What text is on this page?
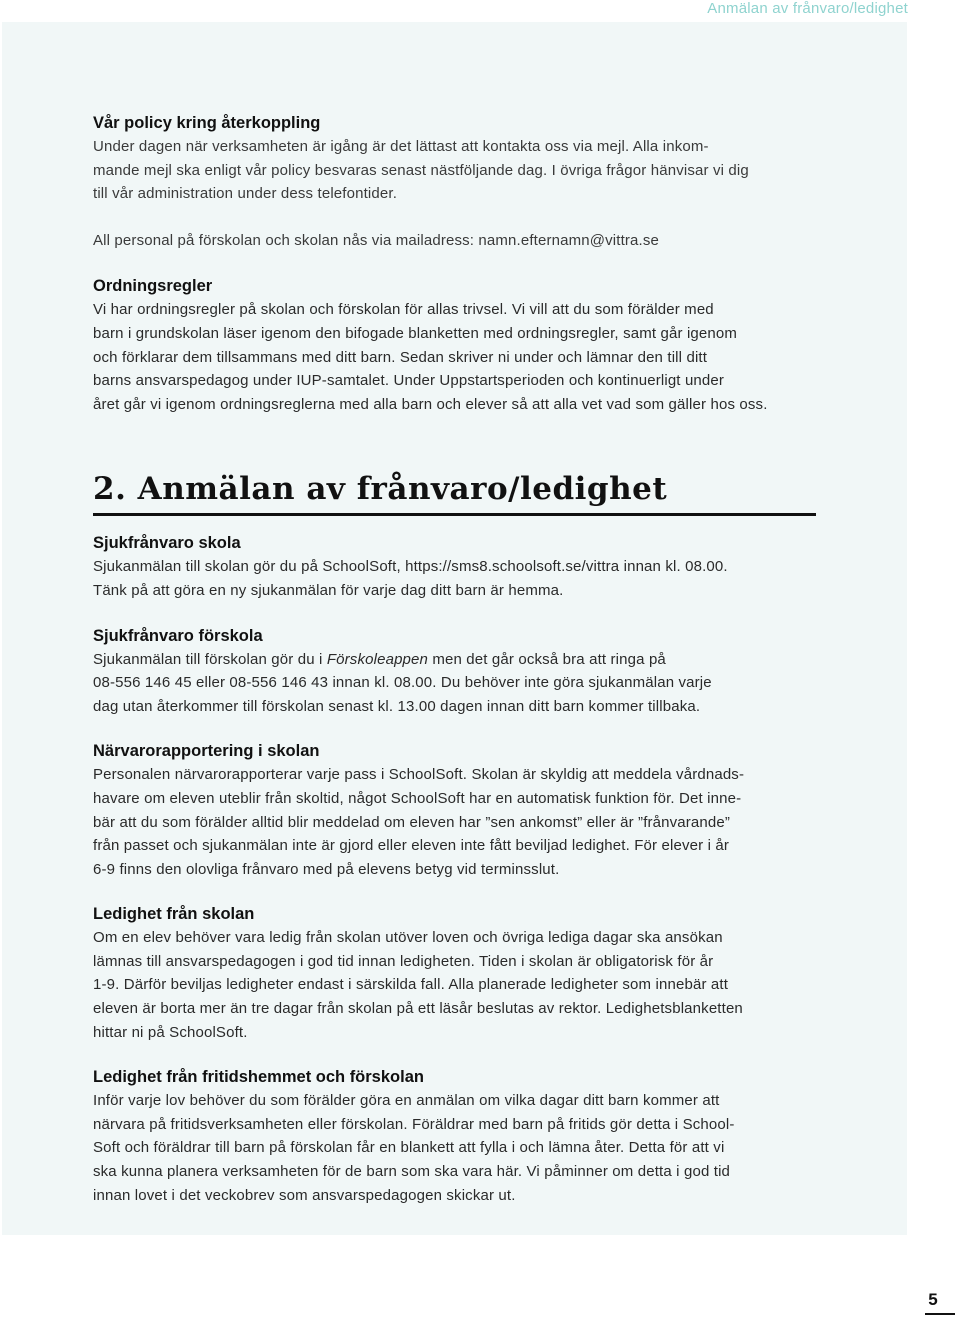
Anmälan av frånvaro/ledighet
Vår policy kring återkoppling

Under dagen när verksamheten är igång är det lättast att kontakta oss via mejl. Alla inkom-

mande mejl ska enligt vår policy besvaras senast nästföljande dag. I övriga frågor hänvisar vi dig

till vår administration under dess telefontider.

All personal på förskolan och skolan nås via mailadress: namn.efternamn@vittra.se

Ordningsregler

Vi har ordningsregler på skolan och förskolan för allas trivsel. Vi vill att du som förälder med

barn i grundskolan läser igenom den bifogade blanketten med ordningsregler, samt går igenom

och förklarar dem tillsammans med ditt barn. Sedan skriver ni under och lämnar den till ditt

barns ansvarspedagog under IUP-samtalet. Under Uppstartsperioden och kontinuerligt under

året går vi igenom ordningsreglerna med alla barn och elever så att alla vet vad som gäller hos oss.

2. Anmälan av frånvaro/ledighet
Sjukfrånvaro skola

Sjukanmälan till skolan gör du på SchoolSoft, https://sms8.schoolsoft.se/vittra innan kl. 08.00.

Tänk på att göra en ny sjukanmälan för varje dag ditt barn är hemma.

Sjukfrånvaro förskola

Sjukanmälan till förskolan gör du i Förskoleappen men det går också bra att ringa på

08-556 146 45 eller 08-556 146 43 innan kl. 08.00. Du behöver inte göra sjukanmälan varje

dag utan återkommer till förskolan senast kl. 13.00 dagen innan ditt barn kommer tillbaka.

Närvarorapportering i skolan

Personalen närvarorapporterar varje pass i SchoolSoft. Skolan är skyldig att meddela vårdnads-

havare om eleven uteblir från skoltid, något SchoolSoft har en automatisk funktion för. Det inne-

bär att du som förälder alltid blir meddelad om eleven har ”sen ankomst” eller är ”frånvarande”

från passet och sjukanmälan inte är gjord eller eleven inte fått beviljad ledighet. För elever i år

6-9 finns den olovliga frånvaro med på elevens betyg vid terminsslut.

Ledighet från skolan

Om en elev behöver vara ledig från skolan utöver loven och övriga lediga dagar ska ansökan

lämnas till ansvarspedagogen i god tid innan ledigheten. Tiden i skolan är obligatorisk för år

1-9. Därför beviljas ledigheter endast i särskilda fall. Alla planerade ledigheter som innebär att

eleven är borta mer än tre dagar från skolan på ett läsår beslutas av rektor. Ledighetsblanketten

hittar ni på SchoolSoft.

Ledighet från fritidshemmet och förskolan

Inför varje lov behöver du som förälder göra en anmälan om vilka dagar ditt barn kommer att

närvara på fritidsverksamheten eller förskolan. Föräldrar med barn på fritids gör detta i School-

Soft och föräldrar till barn på förskolan får en blankett att fylla i och lämna åter. Detta för att vi

ska kunna planera verksamheten för de barn som ska vara här. Vi påminner om detta i god tid

innan lovet i det veckobrev som ansvarspedagogen skickar ut.

5
